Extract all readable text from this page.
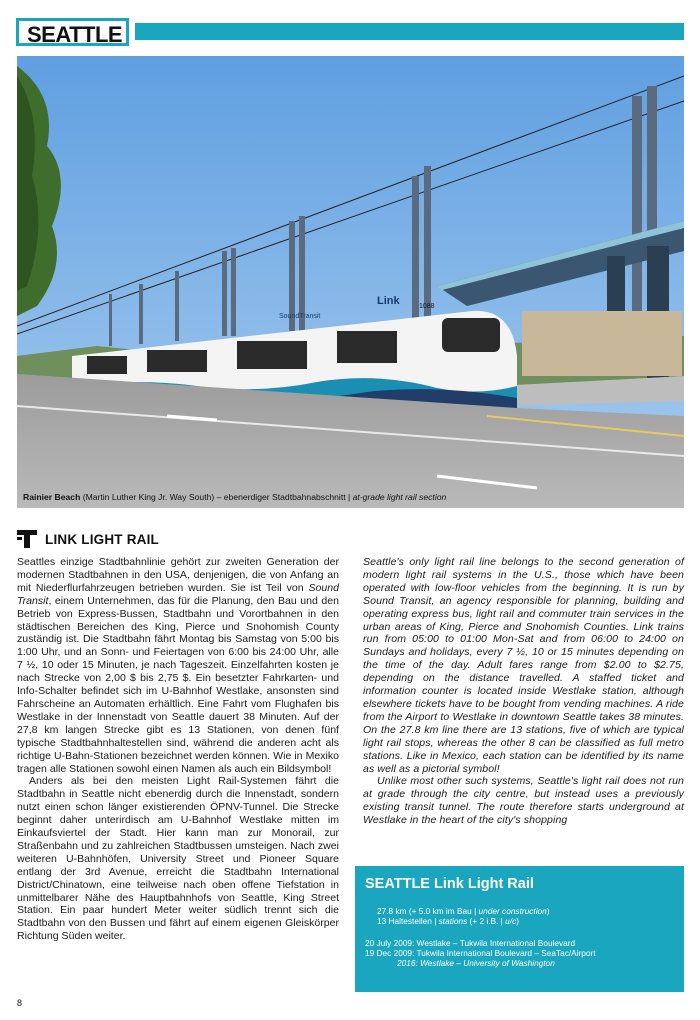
SEATTLE
Link	1088
SoundTransit
Rainier Beach (Martin Luther King Jr. Way South) – ebenerdiger Stadtbahnabschnitt | at-grade light rail section
LINK LIGHT RAIL

Seattles einzige Stadtbahnlinie gehört zur zweiten Generation der modernen Stadtbahnen in den USA, denjenigen, die von Anfang an mit Niederflurfahrzeugen betrieben wurden. Sie ist Teil von Sound Transit, einem Unternehmen, das für die Planung, den Bau und den Betrieb von Express-Bussen, Stadtbahn und Vorortbahnen in den städtischen Bereichen des King, Pierce und Snohomish County zuständig ist. Die Stadtbahn fährt Montag bis Samstag von 5:00 bis 1:00 Uhr, und an Sonn- und Feiertagen von 6:00 bis 24:00 Uhr, alle 7 ½, 10 oder 15 Minuten, je nach Tageszeit. Einzelfahrten kosten je nach Strecke von 2,00 $ bis 2,75 $. Ein besetzter Fahrkarten- und Info-Schalter befindet sich im U-Bahnhof Westlake, ansonsten sind Fahrscheine an Automaten erhältlich. Eine Fahrt vom Flughafen bis Westlake in der Innenstadt von Seattle dauert 38 Minuten. Auf der 27,8 km langen Strecke gibt es 13 Stationen, von denen fünf typische Stadtbahnhaltestellen sind, während die anderen acht als richtige U-Bahn-Stationen bezeichnet werden können. Wie in Mexiko tragen alle Stationen sowohl einen Namen als auch ein Bildsymbol!

Anders als bei den meisten Light Rail-Systemen fährt die Stadtbahn in Seattle nicht ebenerdig durch die Innenstadt, sondern nutzt einen schon länger existierenden ÖPNV-Tunnel. Die Strecke beginnt daher unterirdisch am U-Bahnhof Westlake mitten im Einkaufsviertel der Stadt. Hier kann man zur Monorail, zur Straßenbahn und zu zahlreichen Stadtbussen umsteigen. Nach zwei weiteren U-Bahnhöfen, University Street und Pioneer Square entlang der 3rd Avenue, erreicht die Stadtbahn International District/Chinatown, eine teilweise nach oben offene Tiefstation in unmittelbarer Nähe des Hauptbahnhofs von Seattle, King Street Station. Ein paar hundert Meter weiter südlich trennt sich die Stadtbahn von den Bussen und fährt auf einem eigenen Gleiskörper Richtung Süden weiter.

Seattle's only light rail line belongs to the second generation of modern light rail systems in the U.S., those which have been operated with low-floor vehicles from the beginning. It is run by Sound Transit, an agency responsible for planning, building and operating express bus, light rail and commuter train services in the urban areas of King, Pierce and Snohomish Counties. Link trains run from 05:00 to 01:00 Mon-Sat and from 06:00 to 24:00 on Sundays and holidays, every 7 ½, 10 or 15 minutes depending on the time of the day. Adult fares range from $2.00 to $2.75, depending on the distance travelled. A staffed ticket and information counter is located inside Westlake station, although elsewhere tickets have to be bought from vending machines. A ride from the Airport to Westlake in downtown Seattle takes 38 minutes. On the 27.8 km line there are 13 stations, five of which are typical light rail stops, whereas the other 8 can be classified as full metro stations. Like in Mexico, each station can be identified by its name as well as a pictorial symbol!

Unlike most other such systems, Seattle's light rail does not run at grade through the city centre, but instead uses a previously existing transit tunnel. The route therefore starts underground at Westlake in the heart of the city's shopping

SEATTLE Link Light Rail
27.8 km (+ 5.0 km im Bau | under construction)
13 Haltestellen | stations (+ 2 i.B. | u/c)
20 July 2009: Westlake – Tukwila International Boulevard
19 Dec 2009: Tukwila International Boulevard – SeaTac/Airport
2016: Westlake – University of Washington
8
